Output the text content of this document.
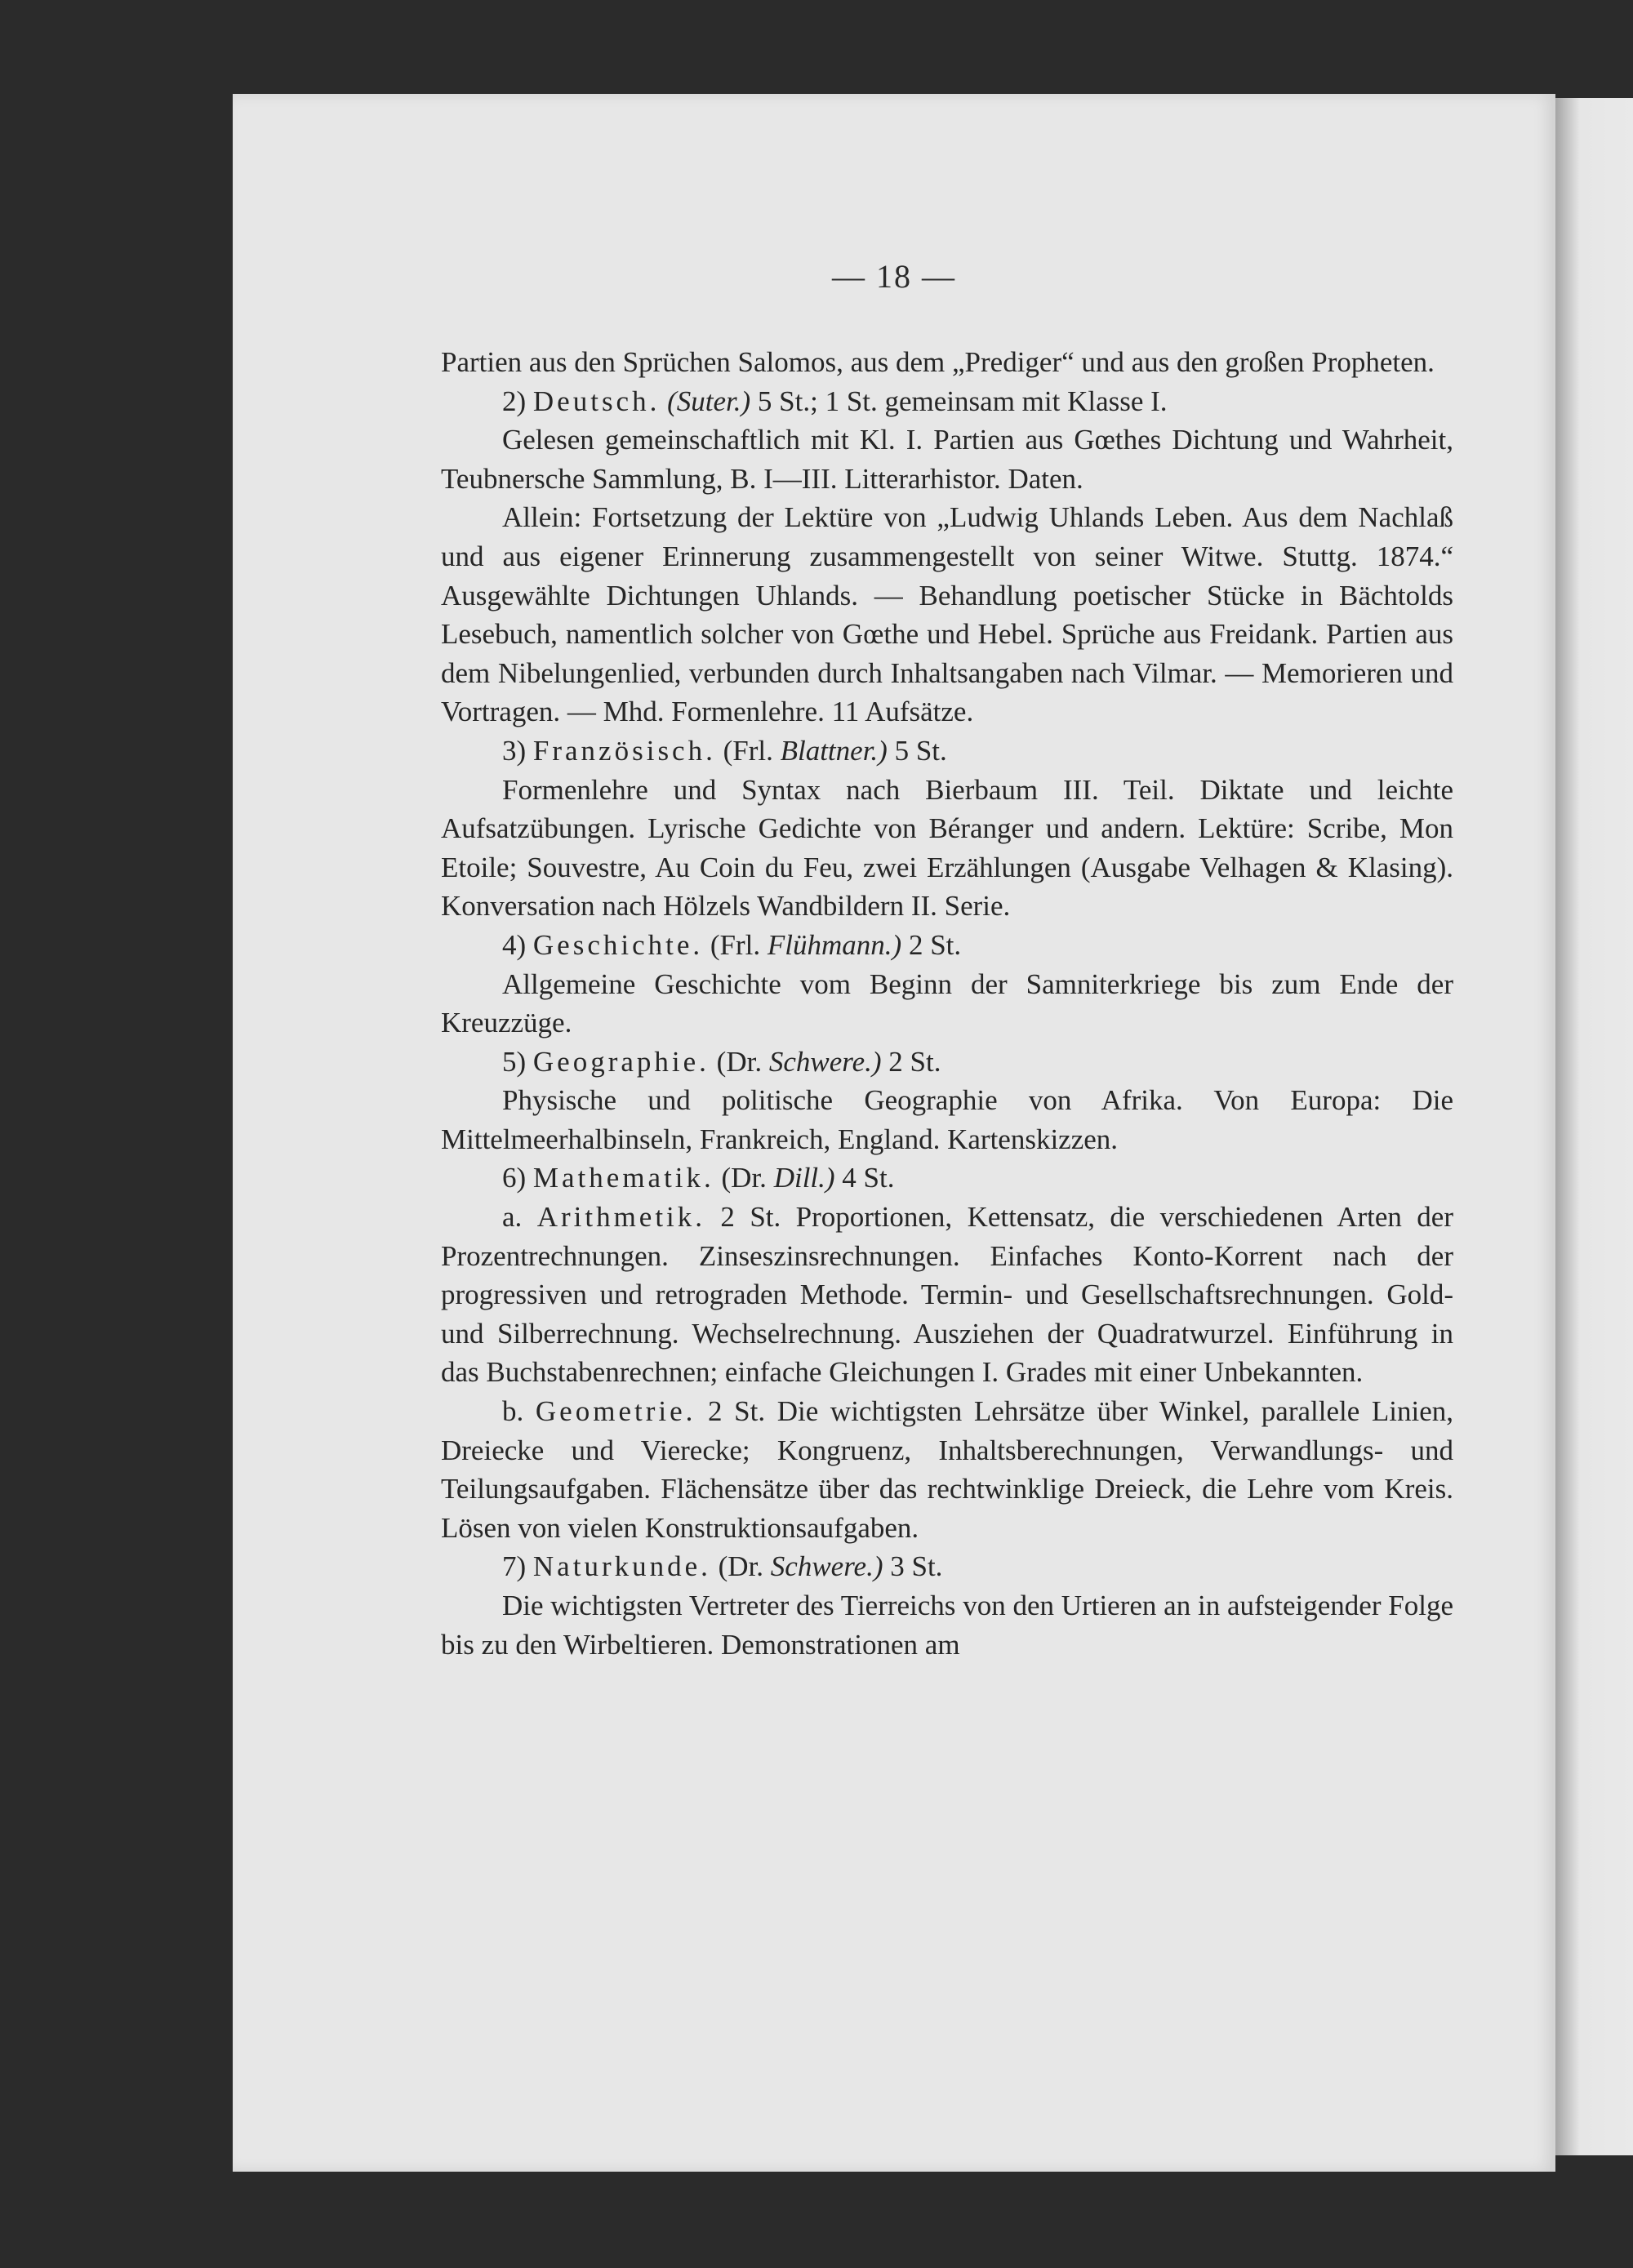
— 18 —

Partien aus den Sprüchen Salomos, aus dem „Prediger“ und aus den großen Propheten.

2) Deutsch. (Suter.) 5 St.; 1 St. gemeinsam mit Klasse I.

Gelesen gemeinschaftlich mit Kl. I. Partien aus Gœthes Dichtung und Wahrheit, Teubnersche Sammlung, B. I—III. Litterarhistor. Daten.

Allein: Fortsetzung der Lektüre von „Ludwig Uhlands Leben. Aus dem Nachlaß und aus eigener Erinnerung zusammengestellt von seiner Witwe. Stuttg. 1874.“ Ausgewählte Dichtungen Uhlands. — Behandlung poetischer Stücke in Bächtolds Lesebuch, namentlich solcher von Gœthe und Hebel. Sprüche aus Freidank. Partien aus dem Nibelungenlied, verbunden durch Inhaltsangaben nach Vilmar. — Memorieren und Vortragen. — Mhd. Formenlehre. 11 Aufsätze.

3) Französisch. (Frl. Blattner.) 5 St.

Formenlehre und Syntax nach Bierbaum III. Teil. Diktate und leichte Aufsatzübungen. Lyrische Gedichte von Béranger und andern. Lektüre: Scribe, Mon Etoile; Souvestre, Au Coin du Feu, zwei Erzählungen (Ausgabe Velhagen & Klasing). Konversation nach Hölzels Wandbildern II. Serie.

4) Geschichte. (Frl. Flühmann.) 2 St.

Allgemeine Geschichte vom Beginn der Samniterkriege bis zum Ende der Kreuzzüge.

5) Geographie. (Dr. Schwere.) 2 St.

Physische und politische Geographie von Afrika. Von Europa: Die Mittelmeerhalbinseln, Frankreich, England. Kartenskizzen.

6) Mathematik. (Dr. Dill.) 4 St.

a. Arithmetik. 2 St. Proportionen, Kettensatz, die verschiedenen Arten der Prozentrechnungen. Zinseszinsrechnungen. Einfaches Konto-Korrent nach der progressiven und retrograden Methode. Termin- und Gesellschaftsrechnungen. Gold- und Silberrechnung. Wechselrechnung. Ausziehen der Quadratwurzel. Einführung in das Buchstabenrechnen; einfache Gleichungen I. Grades mit einer Unbekannten.

b. Geometrie. 2 St. Die wichtigsten Lehrsätze über Winkel, parallele Linien, Dreiecke und Vierecke; Kongruenz, Inhaltsberechnungen, Verwandlungs- und Teilungsaufgaben. Flächensätze über das rechtwinklige Dreieck, die Lehre vom Kreis. Lösen von vielen Konstruktionsaufgaben.

7) Naturkunde. (Dr. Schwere.) 3 St.

Die wichtigsten Vertreter des Tierreichs von den Urtieren an in aufsteigender Folge bis zu den Wirbeltieren. Demonstrationen am
